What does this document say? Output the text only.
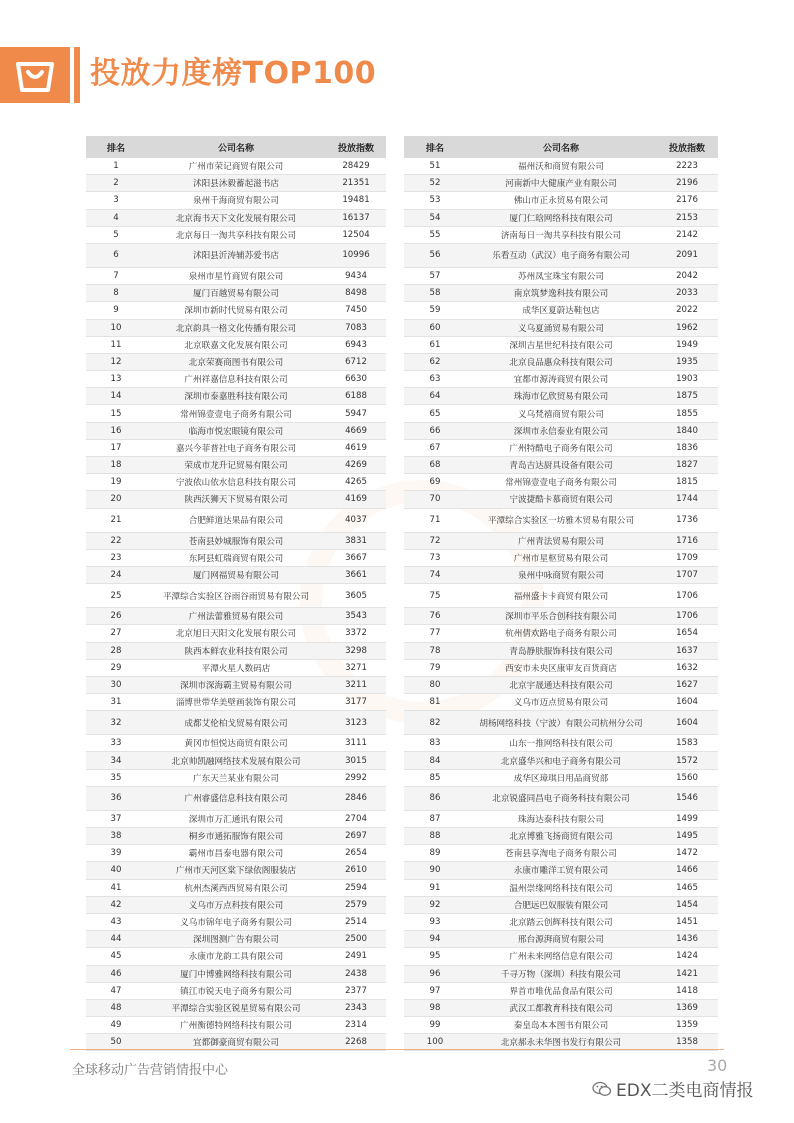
投放力度榜TOP100
排名	公司名称	投放指数
1	广州市荣记商贸有限公司	28429
2	沭阳县沐毅蓄起滋书店	21351
3	泉州千海商贸有限公司	19481
4	北京海书天下文化发展有限公司	16137
5	北京每日一淘共享科技有限公司	12504
6	沭阳县沂涛辅苏爱书店	10996
7	泉州市星竹商贸有限公司	9434
8	厦门百越贸易有限公司	8498
9	深圳市新时代贸易有限公司	7450
10	北京韵具一格文化传播有限公司	7083
11	北京联嘉文化发展有限公司	6943
12	北京荣赛商图书有限公司	6712
13	广州祥嘉信息科技有限公司	6630
14	深圳市泰嘉胜科技有限公司	6188
15	常州锦壹壹电子商务有限公司	5947
16	临海市悦宏眼镜有限公司	4669
17	嘉兴今菲普社电子商务有限公司	4619
18	荣成市龙升记贸易有限公司	4269
19	宁波依山依水信息科技有限公司	4265
20	陕西沃狮天下贸易有限公司	4169
21	合肥鲜道达果品有限公司	4037
22	苍南县妙城服饰有限公司	3831
23	东阿县虹瑞商贸有限公司	3667
24	厦门网福贸易有限公司	3661
25	平潭综合实验区谷雨谷雨贸易有限公司	3605
26	广州法蕾雅贸易有限公司	3543
27	北京旭日天阳文化发展有限公司	3372
28	陕西本鲜农业科技有限公司	3298
29	平潭火星人数码店	3271
30	深圳市深海霸主贸易有限公司	3211
31	淄博世带华美壁画装饰有限公司	3177
32	成都艾伦柏戈贸易有限公司	3123
33	黄冈市恒悦达商贸有限公司	3111
34	北京帅凯融网络技术发展有限公司	3015
35	广东天兰某业有限公司	2992
36	广州睿盛信息科技有限公司	2846
37	深圳市万汇通讯有限公司	2704
38	桐乡市通拓服饰有限公司	2697
39	霸州市昌泰电器有限公司	2654
40	广州市天河区棠下绿依阁服装店	2610
41	杭州杰溪西西贸易有限公司	2594
42	义乌市万点科技有限公司	2579
43	义乌市锦年电子商务有限公司	2514
44	深圳图测广告有限公司	2500
45	永康市龙韵工具有限公司	2491
46	厦门中博雅网络科技有限公司	2438
47	镇江市锐天电子商务有限公司	2377
48	平潭综合实验区锐星贸易有限公司	2343
49	广州衡德特网络科技有限公司	2314
50	宜都御豪商贸有限公司	2268
排名	公司名称	投放指数
51	福州沃和商贸有限公司	2223
52	河南新中大健康产业有限公司	2196
53	佛山市正永贸易有限公司	2176
54	厦门仁晗网络科技有限公司	2153
55	济南每日一淘共享科技有限公司	2142
56	乐看互动（武汉）电子商务有限公司	2091
57	苏州凤宝珠宝有限公司	2042
58	南京筑梦逸科技有限公司	2033
59	成华区夏蔚达鞋包店	2022
60	义乌夏涌贸易有限公司	1962
61	深圳吉星世纪科技有限公司	1949
62	北京良品惠众科技有限公司	1935
63	宜都市源涛商贸有限公司	1903
64	珠海市亿欣贸易有限公司	1875
65	义乌梵禧商贸有限公司	1855
66	深圳市永信泰业有限公司	1840
67	广州特酷电子商务有限公司	1836
68	青岛吉达厨具设备有限公司	1827
69	常州锦壹壹电子商务有限公司	1815
70	宁波捷酷卡慕商贸有限公司	1744
71	平潭综合实验区一坊雅木贸易有限公司	1736
72	广州青法贸易有限公司	1716
73	广州市星枢贸易有限公司	1709
74	泉州中咏商贸有限公司	1707
75	福州盛卡卡商贸有限公司	1706
76	深圳市平乐合创科技有限公司	1706
77	杭州倩欢路电子商务有限公司	1654
78	青岛静肤服饰科技有限公司	1637
79	西安市未央区康审友百货商店	1632
80	北京宇晟通达科技有限公司	1627
81	义乌市迈点贸易有限公司	1604
82	胡杨网络科技（宁波）有限公司杭州分公司	1604
83	山东一推网络科技有限公司	1583
84	北京盛华兴和电子商务有限公司	1572
85	成华区璋琪日用品商贸部	1560
86	北京锐盛同昌电子商务科技有限公司	1546
87	珠海达泰科技有限公司	1499
88	北京博雅飞扬商贸有限公司	1495
89	苍南县享淘电子商务有限公司	1472
90	永康市雕洋工贸有限公司	1466
91	温州崇缘网络科技有限公司	1465
92	合肥远巴奴服装有限公司	1454
93	北京踏云创辉科技有限公司	1451
94	邢台源湃商贸有限公司	1436
95	广州未来网络信息有限公司	1424
96	千寻万物（深圳）科技有限公司	1421
97	界首市唯优品食品有限公司	1418
98	武汉工都教育科技有限公司	1369
99	秦皇岛本本图书有限公司	1359
100	北京郝永未华图书发行有限公司	1358
全球移动广告营销情报中心	30
EDX二类电商情报
